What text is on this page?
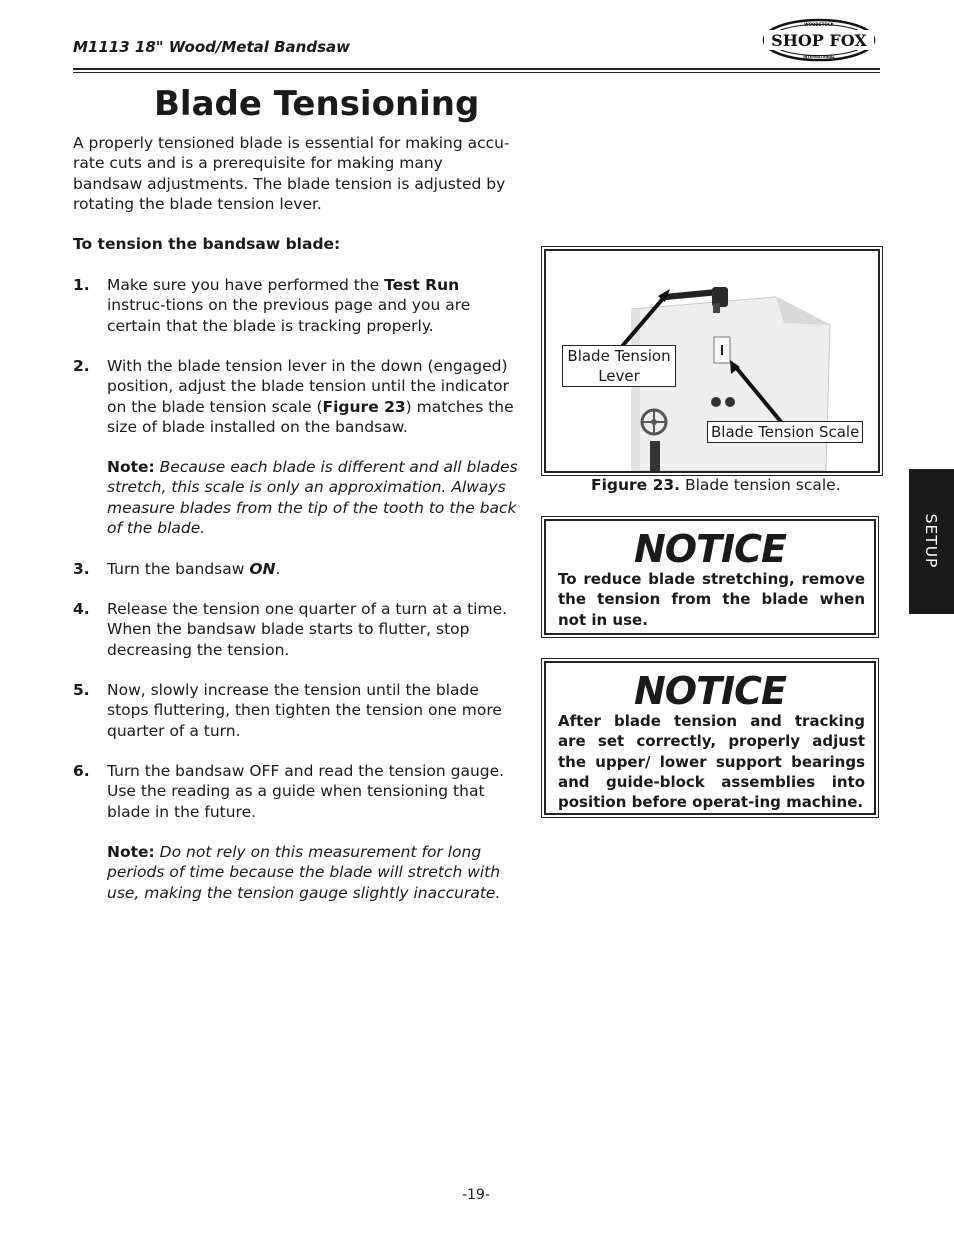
M1113 18" Wood/Metal Bandsaw	SHOP FOX
WOODSTOCK
INTERNATIONAL
Blade Tensioning
A properly tensioned blade is essential for making accu-rate cuts and is a prerequisite for making many bandsaw adjustments. The blade tension is adjusted by rotating the blade tension lever.
To tension the bandsaw blade:
1. Make sure you have performed the Test Run instruc-tions on the previous page and you are certain that the blade is tracking properly.
2. With the blade tension lever in the down (engaged) position, adjust the blade tension until the indicator on the blade tension scale (Figure 23) matches the size of blade installed on the bandsaw.
Note: Because each blade is different and all blades stretch, this scale is only an approximation. Always measure blades from the tip of the tooth to the back of the blade.
3. Turn the bandsaw ON.
4. Release the tension one quarter of a turn at a time. When the bandsaw blade starts to flutter, stop decreasing the tension.
5. Now, slowly increase the tension until the blade stops fluttering, then tighten the tension one more quarter of a turn.
6. Turn the bandsaw OFF and read the tension gauge. Use the reading as a guide when tensioning that blade in the future.
Note: Do not rely on this measurement for long periods of time because the blade will stretch with use, making the tension gauge slightly inaccurate.
Blade Tension Lever
Blade Tension Scale
Figure 23. Blade tension scale.
NOTICE
To reduce blade stretching, remove the tension from the blade when not in use.
NOTICE
After blade tension and tracking are set correctly, properly adjust the upper/ lower support bearings and guide-block assemblies into position before operat-ing machine.
SETUP
-19-
